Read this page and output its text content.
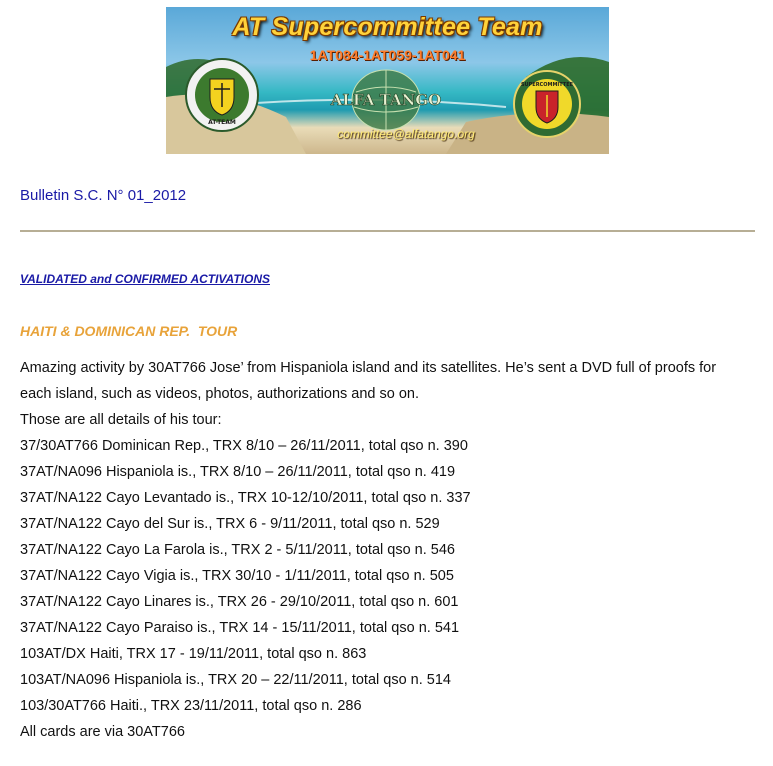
AT-TEAM
ALFA TANGO
SUPERCOMMITTEE
AT Supercommittee Team
1AT084-1AT059-1AT041
committee@alfatango.org
Bulletin S.C. N° 01_2012
VALIDATED and CONFIRMED ACTIVATIONS
HAITI & DOMINICAN REP.  TOUR
Amazing activity by 30AT766 Jose’ from Hispaniola island and its satellites. He’s sent a DVD full of proofs for
each island, such as videos, photos, authorizations and so on.
Those are all details of his tour:
37/30AT766 Dominican Rep., TRX 8/10 – 26/11/2011, total qso n. 390
37AT/NA096 Hispaniola is., TRX 8/10 – 26/11/2011, total qso n. 419
37AT/NA122 Cayo Levantado is., TRX 10-12/10/2011, total qso n. 337
37AT/NA122 Cayo del Sur is., TRX 6 - 9/11/2011, total qso n. 529
37AT/NA122 Cayo La Farola is., TRX 2 - 5/11/2011, total qso n. 546
37AT/NA122 Cayo Vigia is., TRX 30/10 - 1/11/2011, total qso n. 505
37AT/NA122 Cayo Linares is., TRX 26 - 29/10/2011, total qso n. 601
37AT/NA122 Cayo Paraiso is., TRX 14 - 15/11/2011, total qso n. 541
103AT/DX Haiti, TRX 17 - 19/11/2011, total qso n. 863
103AT/NA096 Hispaniola is., TRX 20 – 22/11/2011, total qso n. 514
103/30AT766 Haiti., TRX 23/11/2011, total qso n. 286
All cards are via 30AT766
